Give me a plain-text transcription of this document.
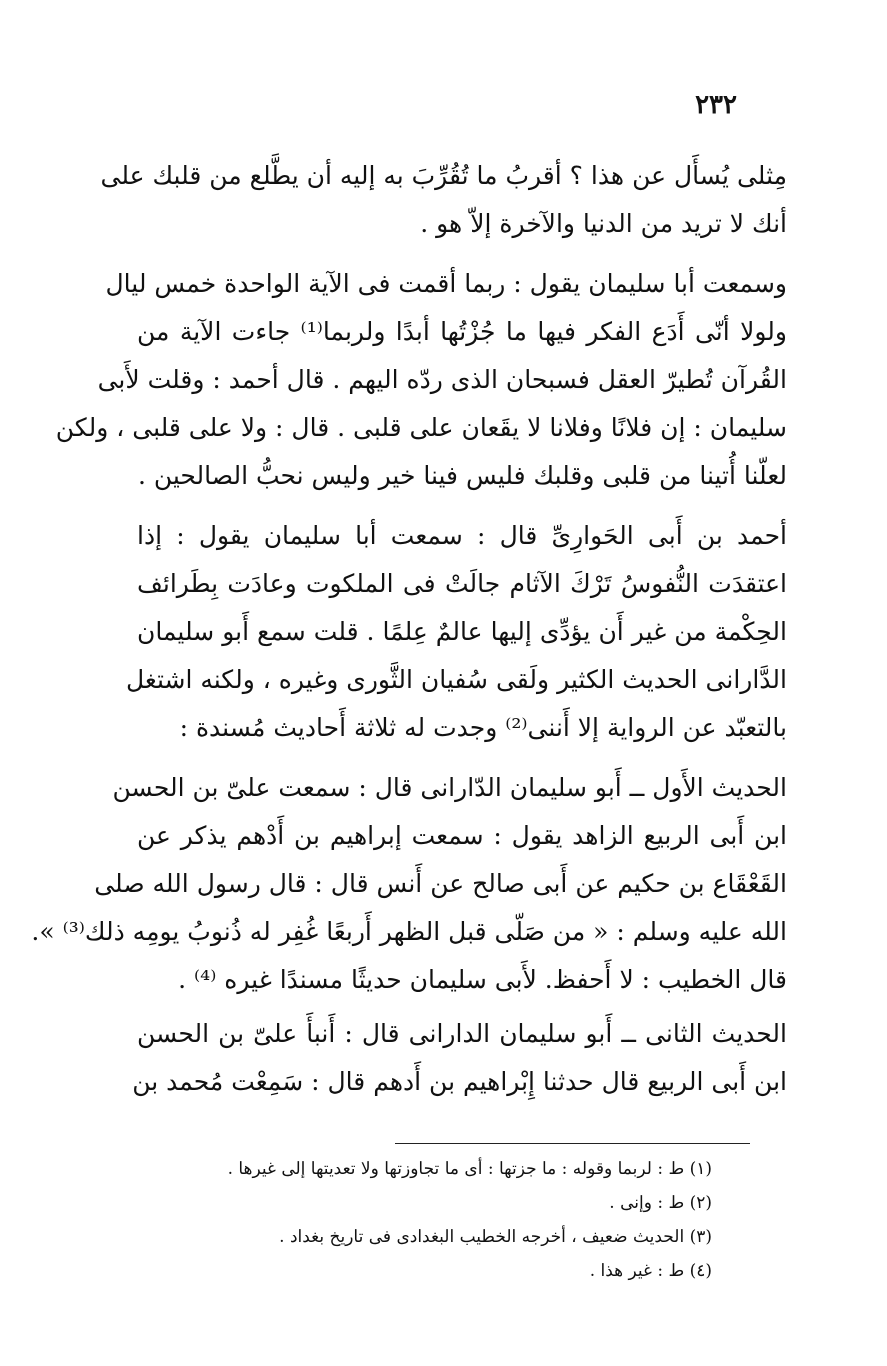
٢٣٢
مِثلى يُسأَل عن هذا ؟ أقربُ ما تُقُرِّبَ به إليه أن يطَّلع من قلبك على
أنك لا تريد من الدنيا والآخرة إلاّ هو .
وسمعت أبا سليمان يقول : ربما أقمت فى الآية الواحدة خمس ليال
ولولا أنّى أَدَع الفكر فيها ما جُزْتُها أبدًا ولربما⁽¹⁾ جاءت الآية من
القُرآن تُطيرّ العقل فسبحان الذى ردّه اليهم . قال أحمد : وقلت لأَبى
سليمان : إن فلانًا وفلانا لا يقَعان على قلبى . قال : ولا على قلبى ، ولكن
لعلّنا أُتينا من قلبى وقلبك فليس فينا خير وليس نحبُّ الصالحين .
أحمد بن أَبى الحَوارِىِّ قال : سمعت أبا سليمان يقول : إذا
اعتقدَت النُّفوسُ تَرْكَ الآثام جالَتْ فى الملكوت وعادَت بِطَرائف
الحِكْمة من غير أَن يؤدِّى إليها عالمٌ عِلمًا . قلت سمع أَبو سليمان
الدَّارانى الحديث الكثير ولَقى سُفيان الثَّورى وغيره ، ولكنه اشتغل
بالتعبّد عن الرواية إلا أَننى⁽²⁾ وجدت له ثلاثة أَحاديث مُسندة :
الحديث الأَول ــ أَبو سليمان الدّارانى قال : سمعت علىّ بن الحسن
ابن أَبى الربيع الزاهد يقول : سمعت إبراهيم بن أَدْهم يذكر عن
القَعْقَاع بن حكيم عن أَبى صالح عن أَنس قال : قال رسول الله صلى
الله عليه وسلم : « من صَلّى قبل الظهر أَربعًا غُفِر له ذُنوبُ يومِه ذلك⁽³⁾ ».
قال الخطيب : لا أَحفظ. لأَبى سليمان حديثًا مسندًا غيره ⁽⁴⁾ .
الحديث الثانى ــ أَبو سليمان الدارانى قال : أَنبأَ علىّ بن الحسن
ابن أَبى الربيع قال حدثنا إِبْراهيم بن أَدهم قال : سَمِعْت مُحمد بن
(١) ط : لربما وقوله : ما جزتها : أى ما تجاوزتها ولا تعديتها إلى غيرها .
(٢) ط : وإنى .
(٣) الحديث ضعيف ، أخرجه الخطيب البغدادى فى تاريخ بغداد .
(٤) ط : غير هذا .
